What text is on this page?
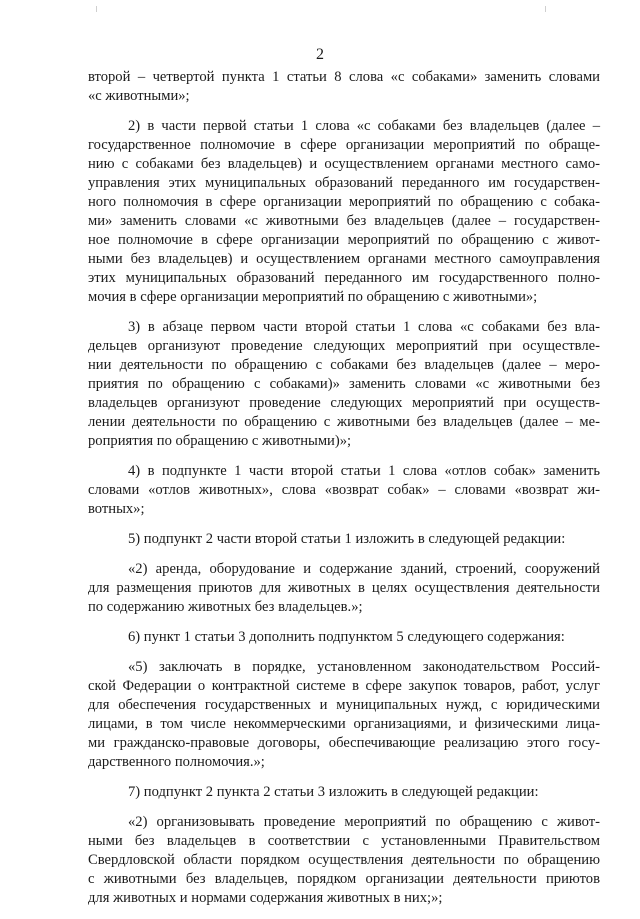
2
второй – четвертой пункта 1 статьи 8 слова «с собаками» заменить словами
«с животными»;
2) в части первой статьи 1 слова «с собаками без владельцев (далее –
государственное полномочие в сфере организации мероприятий по обраще-
нию с собаками без владельцев) и осуществлением органами местного само-
управления этих муниципальных образований переданного им государствен-
ного полномочия в сфере организации мероприятий по обращению с собака-
ми» заменить словами «с животными без владельцев (далее – государствен-
ное полномочие в сфере организации мероприятий по обращению с живот-
ными без владельцев) и осуществлением органами местного самоуправления
этих муниципальных образований переданного им государственного полно-
мочия в сфере организации мероприятий по обращению с животными»;
3) в абзаце первом части второй статьи 1 слова «с собаками без вла-
дельцев организуют проведение следующих мероприятий при осуществле-
нии деятельности по обращению с собаками без владельцев (далее – меро-
приятия по обращению с собаками)» заменить словами «с животными без
владельцев организуют проведение следующих мероприятий при осуществ-
лении деятельности по обращению с животными без владельцев (далее – ме-
роприятия по обращению с животными)»;
4) в подпункте 1 части второй статьи 1 слова «отлов собак» заменить
словами «отлов животных», слова «возврат собак» – словами «возврат жи-
вотных»;
5) подпункт 2 части второй статьи 1 изложить в следующей редакции:
«2) аренда, оборудование и содержание зданий, строений, сооружений
для размещения приютов для животных в целях осуществления деятельности
по содержанию животных без владельцев.»;
6) пункт 1 статьи 3 дополнить подпунктом 5 следующего содержания:
«5) заключать в порядке, установленном законодательством Россий-
ской Федерации о контрактной системе в сфере закупок товаров, работ, услуг
для обеспечения государственных и муниципальных нужд, с юридическими
лицами, в том числе некоммерческими организациями, и физическими лица-
ми гражданско-правовые договоры, обеспечивающие реализацию этого госу-
дарственного полномочия.»;
7) подпункт 2 пункта 2 статьи 3 изложить в следующей редакции:
«2) организовывать проведение мероприятий по обращению с живот-
ными без владельцев в соответствии с установленными Правительством
Свердловской области порядком осуществления деятельности по обращению
с животными без владельцев, порядком организации деятельности приютов
для животных и нормами содержания животных в них;»;
